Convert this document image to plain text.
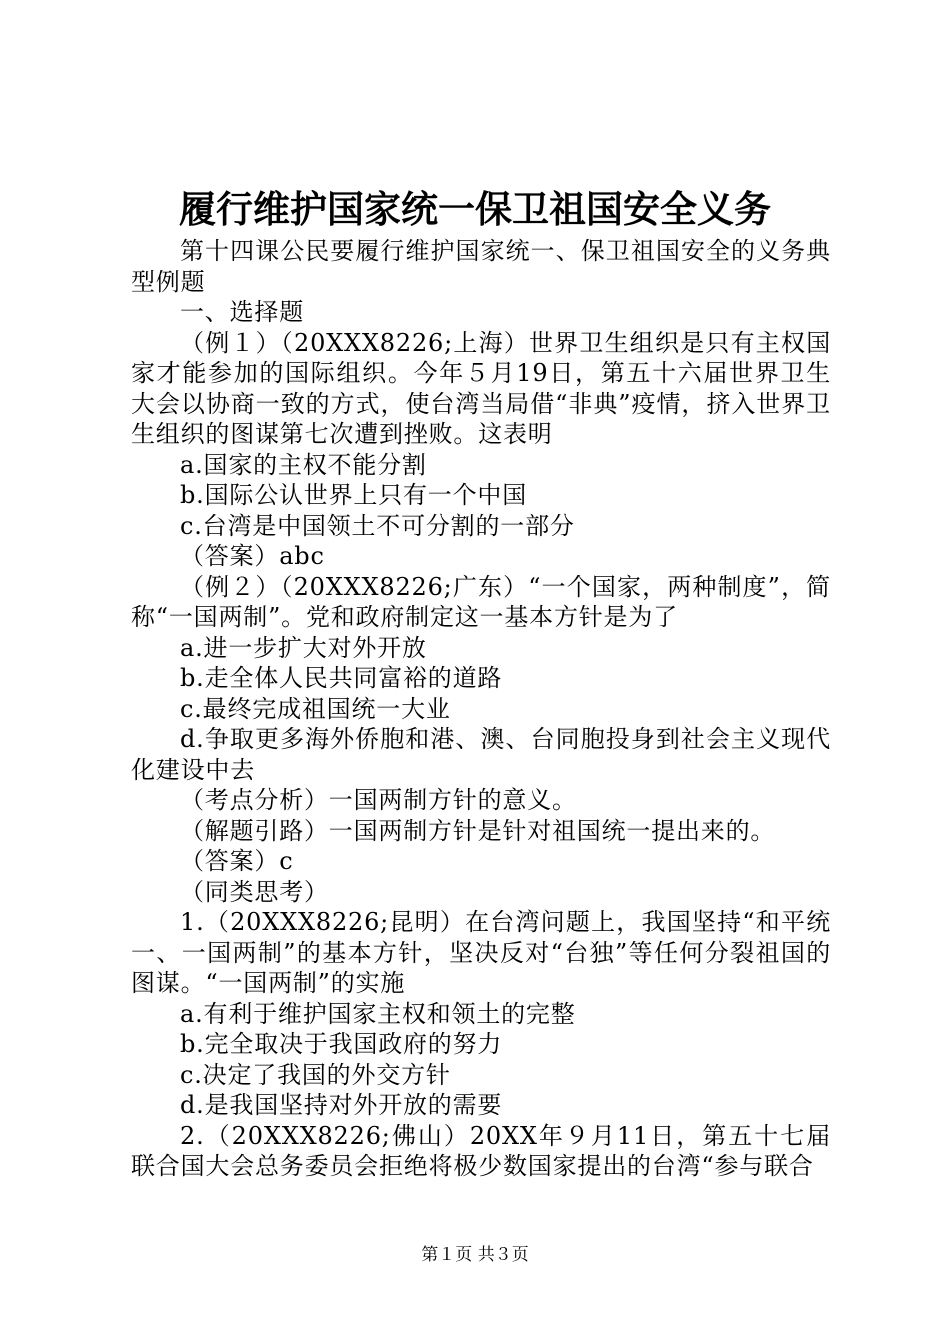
履行维护国家统一保卫祖国安全义务

第十四课公民要履行维护国家统一、保卫祖国安全的义务典型例题

一、选择题

（例１）（20XXX8226;上海）世界卫生组织是只有主权国家才能参加的国际组织。今年５月19日，第五十六届世界卫生大会以协商一致的方式，使台湾当局借“非典”疫情，挤入世界卫生组织的图谋第七次遭到挫败。这表明

a.国家的主权不能分割

b.国际公认世界上只有一个中国

c.台湾是中国领土不可分割的一部分

（答案）abc

（例２）（20XXX8226;广东）“一个国家，两种制度”，简称“一国两制”。党和政府制定这一基本方针是为了

a.进一步扩大对外开放

b.走全体人民共同富裕的道路

c.最终完成祖国统一大业

d.争取更多海外侨胞和港、澳、台同胞投身到社会主义现代化建设中去

（考点分析）一国两制方针的意义。

（解题引路）一国两制方针是针对祖国统一提出来的。

（答案）c

（同类思考）

1.（20XXX8226;昆明）在台湾问题上，我国坚持“和平统一、一国两制”的基本方针，坚决反对“台独”等任何分裂祖国的图谋。“一国两制”的实施

a.有利于维护国家主权和领土的完整

b.完全取决于我国政府的努力

c.决定了我国的外交方针

d.是我国坚持对外开放的需要

2.（20XXX8226;佛山）20XX年９月11日，第五十七届联合国大会总务委员会拒绝将极少数国家提出的台湾“参与联合

第１页 共３页
